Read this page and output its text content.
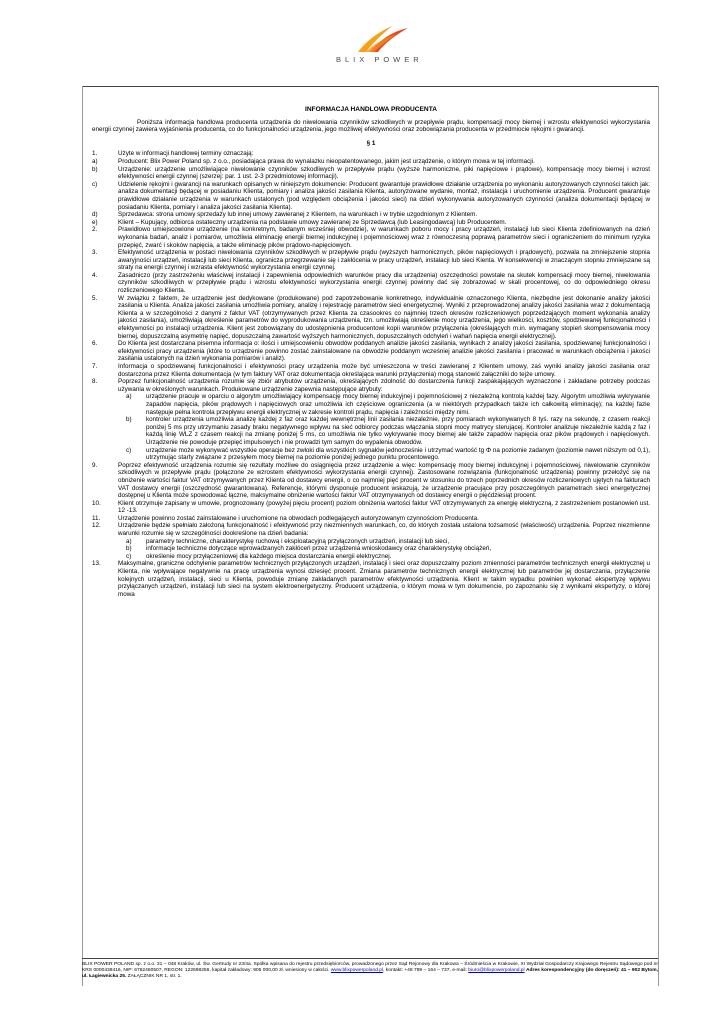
BLIX POWER
INFORMACJA HANDLOWA PRODUCENTA
Poniższa informacja handlowa producenta urządzenia do niwelowania czynników szkodliwych w przepływie prądu, kompensacji mocy biernej i wzrostu efektywności wykorzystania energii czynnej zawiera wyjaśnienia producenta, co do funkcjonalności urządzenia, jego możliwej efektywności oraz zobowiązania producenta w przedmiocie rękojmi i gwarancji.
§ 1
1.	Użyte w informacji handlowej terminy oznaczają:
a)	Producent: Blix Power Poland sp. z o.o., posiadająca prawa do wynalazku nieopatentowanego, jakim jest urządzenie, o którym mowa w tej informacji.
b)	Urządzenie: urządzenie umożliwiające niwelowanie czynników szkodliwych w przepływie prądu (wyższe harmoniczne, piki napięciowe i prądowe), kompensację mocy biernej i wzrost efektywności energii czynnej (szerzej: par. 1 ust. 2-3 przedmiotowej informacji).
c)	Udzielenie rękojmi i gwarancji na warunkach opisanych w niniejszym dokumencie: Producent gwarantuje prawidłowe działanie urządzenia po wykonaniu autoryzowanych czynności takich jak: analiza dokumentacji będącej w posiadaniu Klienta, pomiary i analiza jakości zasilania Klienta, autoryzowane wydanie, montaż, instalacja i uruchomienie urządzenia. Producent gwarantuje prawidłowe działanie urządzenia w warunkach ustalonych (pod względem obciążenia i jakości sieci) na dzień wykonywania autoryzowanych czynności (analiza dokumentacji będącej w posiadaniu Klienta, pomiary i analiza jakości zasilania Klienta).
d)	Sprzedawca: strona umowy sprzedaży lub innej umowy zawieranej z Klientem, na warunkach i w trybie uzgodnionym z Klientem.
e)	Klient – Kupujący, odbiorca ostateczny urządzenia na podstawie umowy zawieranej ze Sprzedawcą (lub Leasingodawcą) lub Producentem.
2.	Prawidłowo umiejscowione urządzenie (na konkretnym, badanym wcześniej obwodzie), w warunkach poboru mocy i pracy urządzeń, instalacji lub sieci Klienta zdefiniowanych na dzień wykonania badań, analiz i pomiarów, umożliwia eliminację energii biernej indukcyjnej i pojemnościowej wraz z równoczesną poprawą parametrów sieci i ograniczeniem do minimum ryzyka przepięć, zwarć i skoków napięcia, a także eliminację pików prądowo-napięciowych.
3.	Efektywność urządzenia w postaci niwelowania czynników szkodliwych w przepływie prądu (wyższych harmonicznych, pików napięciowych i prądowych), pozwala na zmniejszenie stopnia awaryjności urządzeń, instalacji lub sieci Klienta, ogranicza przegrzewanie się i zakłócenia w pracy urządzeń, instalacji lub sieci Kienta. W konsekwencji w znaczącym stopniu zmniejszane są straty na energii czynnej i wzrasta efektywność wykorzystania energii czynnej.
4.	Zasadniczo (przy zastrzeżeniu właściwej instalacji i zapewnienia odpowiednich warunków pracy dla urządzenia) oszczędności powstałe na skutek kompensacji mocy biernej, niwelowania czynników szkodliwych w przepływie prądu i wzrostu efektywności wykorzystania energii czynnej powinny dać się zobrazować w skali procentowej, co do odpowiedniego okresu rozliczeniowego Klienta.
5.	W związku z faktem, że urządzenie jest dedykowane (produkowane) pod zapotrzebowanie konkretnego, indywidualnie oznaczonego Klienta, niezbędne jest dokonanie analizy jakości zasilania u Klienta. Analiza jakości zasilania umożliwia pomiary, analizę i rejestrację parametrów sieci energetycznej. Wyniki z przeprowadzonej analizy jakości zasilania wraz z dokumentacją Klienta a w szczególności z danymi z faktur VAT (otrzymywanych przez Klienta za czasookres co najmniej trzech okresów rozliczeniowych poprzedzających moment wykonania analizy jakości zasilania), umożliwiają określenie parametrów do wyprodukowania urządzenia, tzn. umożliwiają określenie mocy urządzenia, jego wielkości, kosztów, spodziewanej funkcjonalności i efektywności po instalacji urządzenia. Klient jest zobowiązany do udostępnienia producentowi kopii warunków przyłączenia (określających m.in. wymagany stopień skompensowania mocy biernej, dopuszczalną asymetrię napięć, dopuszczalną zawartość wyższych harmonicznych, dopuszczalnych odchyleń i wahań napięcia energii elektrycznej).
6.	Do Klienta jest dostarczana pisemna informacja o: ilości i umiejscowieniu obwodów poddanych analizie jakości zasilania, wynikach z analizy jakości zasilania, spodziewanej funkcjonalności i efektywności pracy urządzenia (które to urządzenie powinno zostać zainstalowane na obwodzie poddanym wcześniej analizie jakości zasilania i pracować w warunkach obciążenia i jakości zasilania ustalonych na dzień wykonania pomiarów i analiz).
7.	Informacja o spodziewanej funkcjonalności i efektywności pracy urządzenia może być umieszczona w treści zawieranej z Klientem umowy, zaś wyniki analizy jakości zasilania oraz dostarczona przez Klienta dokumentacja (w tym faktury VAT oraz dokumentacja określająca warunki przyłączenia) mogą stanowić załączniki do tejże umowy.
8.	Poprzez funkcjonalność urządzenia rozumie się zbiór atrybutów urządzenia, określających zdolność do dostarczenia funkcji zaspakajających wyznaczone i zakładane potrzeby podczas używania w określonych warunkach. Produkowane urządzenie zapewnia następujące atrybuty:
a)	urządzenie pracuje w oparciu o algorytm umożliwiający kompensację mocy biernej indukcyjnej i pojemnościowej z niezależną kontrolą każdej fazy. Algorytm umożliwia wykrywanie zapadów napięcia, pików prądowych i napięciowych oraz umożliwia ich częściowe ograniczenia (a w niektórych przypadkach także ich całkowitą eliminację); na każdej fazie następuje pełna kontrola przepływu energii elektrycznej w zakresie kontroli prądu, napięcia i zależności między nimi.
b)	kontroler urządzenia umożliwia analizę każdej z faz oraz każdej wewnętrznej linii zasilania niezależnie, przy pomiarach wykonywanych 8 tyś. razy na sekundę, z czasem reakcji poniżej 5 ms przy utrzymaniu zasady braku negatywnego wpływu na sieć odbiorcy podczas włączania stopni mocy matrycy sterującej. Kontroler analizuje niezależnie każdą z faz i każdą linię WLZ z czasem reakcji na zmianę poniżej 5 ms, co umożliwia nie tylko wykrywanie mocy biernej ale także zapadów napięcia oraz pików prądowych i napięciowych. Urządzenie nie powoduje przepięć impulsowych i nie prowadzi tym samym do wypalenia obwodów.
c)	urządzenie może wykonywać wszystkie operacje bez zwłoki dla wszystkich sygnałów jednocześnie i utrzymać wartość tg Φ na poziomie zadanym (poziomie nawet niższym od 0,1), utrzymując starty związane z przesyłem mocy biernej na poziomie poniżej jednego punktu procentowego.
9.	Poprzez efektywność urządzenia rozumie się rezultaty możliwe do osiągnięcia przez urządzenie a więc: kompensację mocy biernej indukcyjnej i pojemnościowej, niwelowanie czynników szkodliwych w przepływie prądu (połączone ze wzrostem efektywności wykorzystania energii czynnej). Zastosowane rozwiązania (funkcjonalność urządzenia) powinny przełożyć się na obniżenie wartości faktur VAT otrzymywanych przez Klienta od dostawcy energii, o co najmniej pięć procent w stosunku do trzech poprzednich okresów rozliczeniowych ujętych na fakturach VAT dostawcy energii (oszczędność gwarantowana). Referencje, którymi dysponuje producent wskazują, że urządzenie pracujące przy poszczególnych parametrach sieci energetycznej dostępnej u Klienta może spowodować łączne, maksymalne obniżenie wartości faktur VAT otrzymywanych od dostawcy energii o pięćdziesiąt procent.
10.	Klient otrzymuje zapisany w umowie, prognozowany (powyżej pięciu procent) poziom obniżenia wartości faktur VAT otrzymywanych za energię elektryczną, z zastrzeżeniem postanowień ust. 12 -13.
11.	Urządzenie powinno zostać zainstalowane i uruchomione na obwodach podlegających autoryzowanym czynnościom Producenta.
12.	Urządzenie będzie spełniało założoną funkcjonalność i efektywność przy niezmiennych warunkach, co, do których została ustalona tożsamość (właściwość) urządzenia. Poprzez niezmienne warunki rozumie się w szczególności dookreślone na dzień badania:
a)	parametry techniczne, charakterystykę ruchową i eksploatacyjną przyłączonych urządzeń, instalacji lub sieci,
b)	informacje techniczne dotyczące wprowadzanych zakłóceń przez urządzenia wnioskodawcy oraz charakterystykę obciążeń,
c)	określenie mocy przyłączeniowej dla każdego miejsca dostarczania energii elektrycznej.
13.	Maksymalne, graniczne odchylenie parametrów technicznych przyłączonych urządzeń, instalacji i sieci oraz dopuszczalny poziom zmienności parametrów technicznych energii elektrycznej u Klienta, nie wpływające negatywnie na pracę urządzenia wynosi dziesięć procent. Zmiana parametrów technicznych energii elektrycznej lub parametrów jej dostarczania, przyłączenie kolejnych urządzeń, instalacji, sieci u Klienta, powoduje zmianę zakładanych parametrów efektywności urządzenia. Klient w takim wypadku powinien wykonać ekspertyzę wpływu przyłączanych urządzeń, instalacji lub sieci na system elektroenergetyczny. Producent urządzenia, o którym mowa w tym dokumencie, po zapoznaniu się z wynikami ekspertyzy, o której mowa
BLIX POWER POLAND sp. z o.o. 31 – 048 Kraków, ul. Św. Gertrudy nr 23/4a. Spółka wpisana do rejestru przedsiębiorców, prowadzonego przez Sąd Rejonowy dla Krakowa – Śródmieścia w Krakowie, XI Wydział Gospodarczy Krajowego Rejestru Sądowego pod nr KRS 0000438416, NIP: 6762460507, REGON: 122698256, kapitał zakładowy: 905 000,00 zł. wniesiony w całości. www.blixpowerpoland.pl, kontakt: +48 789 – 164 – 737, e-mail: biuro@blixpowerpoland.pl Adres korespondencyjny (do doręczeń): 41 – 902 Bytom, ul. Łagiewnicka 25. ZAŁĄCZNIK NR 1, str. 1.
